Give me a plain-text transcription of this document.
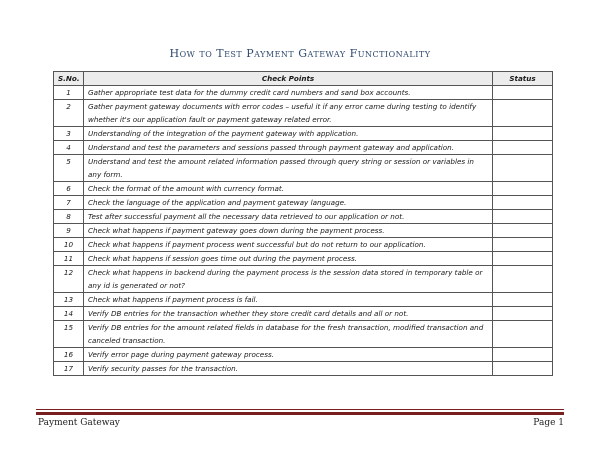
How to Test Payment Gateway Functionality
S.No.	Check Points	Status
1	Gather appropriate test data for the dummy credit card numbers and sand box accounts.	
2	Gather payment gateway documents with error codes – useful it if any error came during testing to identify whether it's our application fault or payment gateway related error.	
3	Understanding of the integration of the payment gateway with application.	
4	Understand and test the parameters and sessions passed through payment gateway and application.	
5	Understand and test the amount related information passed through query string or session or variables in any form.	
6	Check the format of the amount with currency format.	
7	Check the language of the application and payment gateway language.	
8	Test after successful payment all the necessary data retrieved to our application or not.	
9	Check what happens if payment gateway goes down during the payment process.	
10	Check what happens if payment process went successful but do not return to our application.	
11	Check what happens if session goes time out during the payment process.	
12	Check what happens in backend during the payment process is the session data stored in temporary table or any id is generated or not?	
13	Check what happens if payment process is fail.	
14	Verify DB entries for the transaction whether they store credit card details and all or not.	
15	Verify DB entries for the amount related fields in database for the fresh transaction, modified transaction and canceled transaction.	
16	Verify error page during payment gateway process.	
17	Verify security passes for the transaction.	
Payment Gateway	Page 1
